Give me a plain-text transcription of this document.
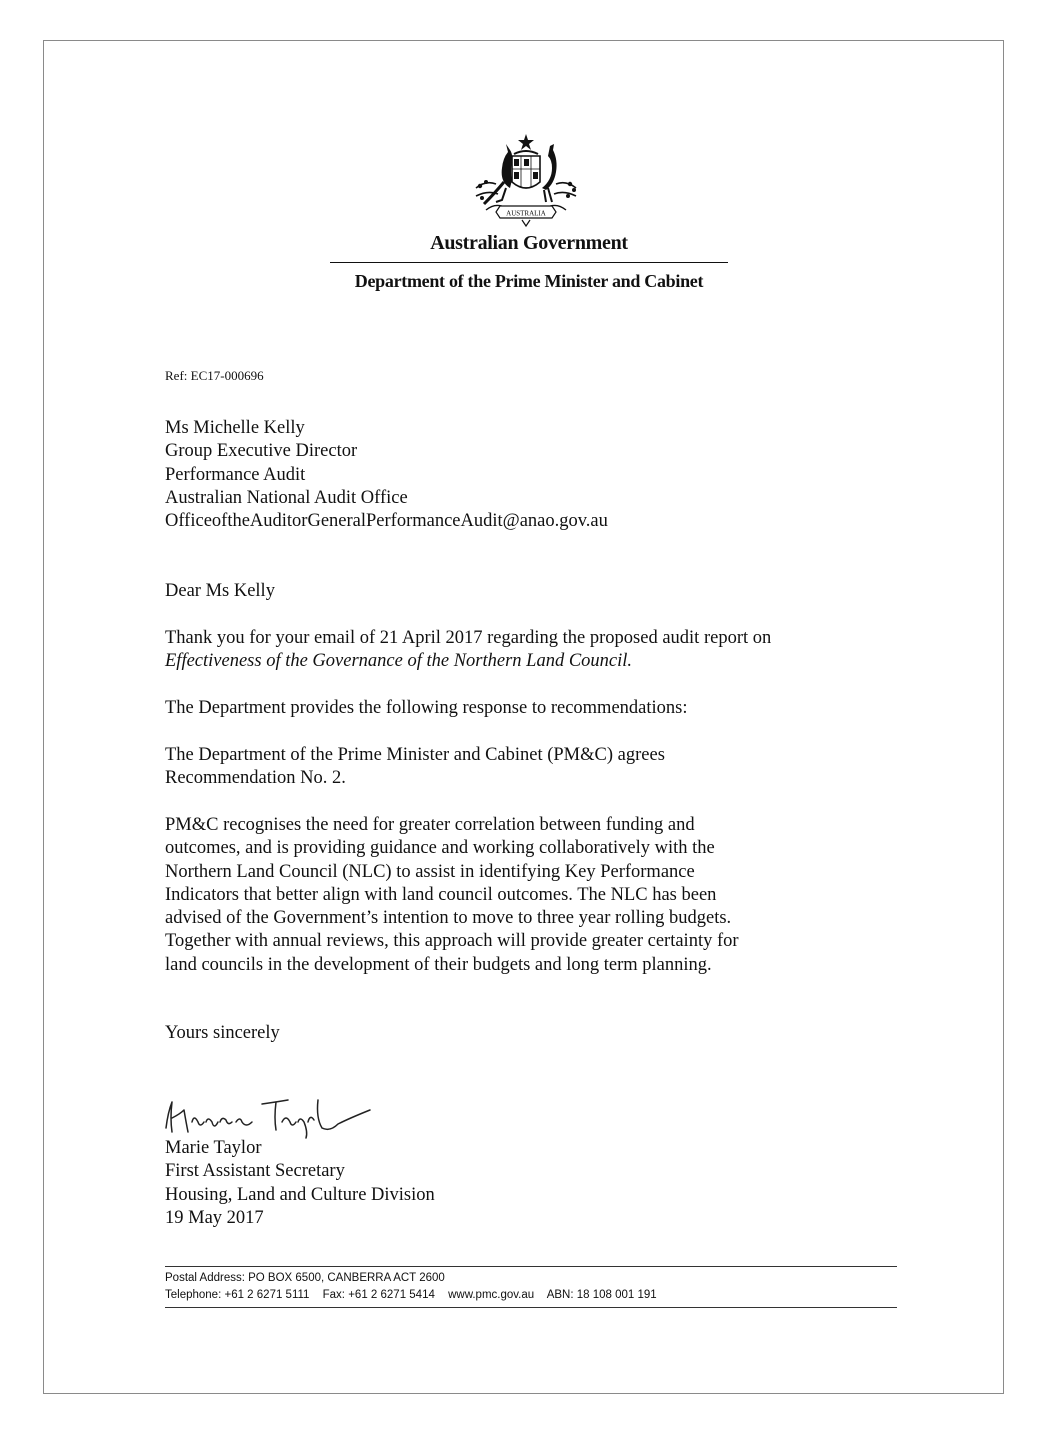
AUSTRALIA
Australian Government
Department of the Prime Minister and Cabinet
Ref: EC17-000696
Ms Michelle Kelly
Group Executive Director
Performance Audit
Australian National Audit Office
OfficeoftheAuditorGeneralPerformanceAudit@anao.gov.au
Dear Ms Kelly
Thank you for your email of 21 April 2017 regarding the proposed audit report on
Effectiveness of the Governance of the Northern Land Council.
The Department provides the following response to recommendations:
The Department of the Prime Minister and Cabinet (PM&C) agrees
Recommendation No. 2.
PM&C recognises the need for greater correlation between funding and
outcomes, and is providing guidance and working collaboratively with the
Northern Land Council (NLC) to assist in identifying Key Performance
Indicators that better align with land council outcomes. The NLC has been
advised of the Government’s intention to move to three year rolling budgets.
Together with annual reviews, this approach will provide greater certainty for
land councils in the development of their budgets and long term planning.
Yours sincerely
Marie Taylor
First Assistant Secretary
Housing, Land and Culture Division
19 May 2017
Postal Address: PO BOX 6500, CANBERRA ACT 2600
Telephone: +61 2 6271 5111 Fax: +61 2 6271 5414 www.pmc.gov.au ABN: 18 108 001 191
